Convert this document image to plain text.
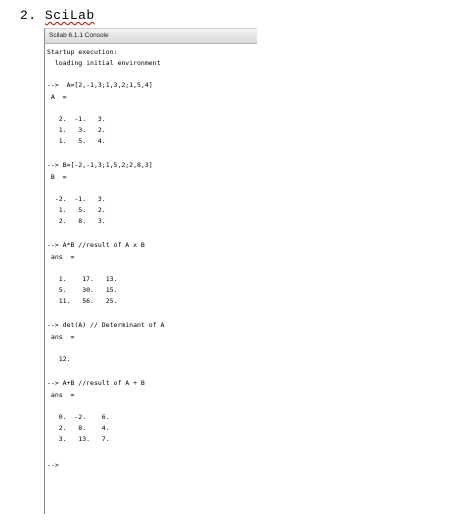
2. SciLab
Scilab 6.1.1 Console
Startup execution:
loading initial environment
-->  A=[2,-1,3;1,3,2;1,5,4]
A  =
2.  -1.   3.
1.   3.   2.
1.   5.   4.
--> B=[-2,-1,3;1,5,2;2,8,3]
B  =
-2.  -1.   3.
1.   5.   2.
2.   8.   3.
--> A*B //result of A x B
ans  =
1.    17.   13.
5.    30.   15.
11.   56.   25.
--> det(A) // Determinant of A
ans  =
12.
--> A+B //result of A + B
ans  =
0.  -2.    6.
2.   8.    4.
3.   13.   7.
-->
